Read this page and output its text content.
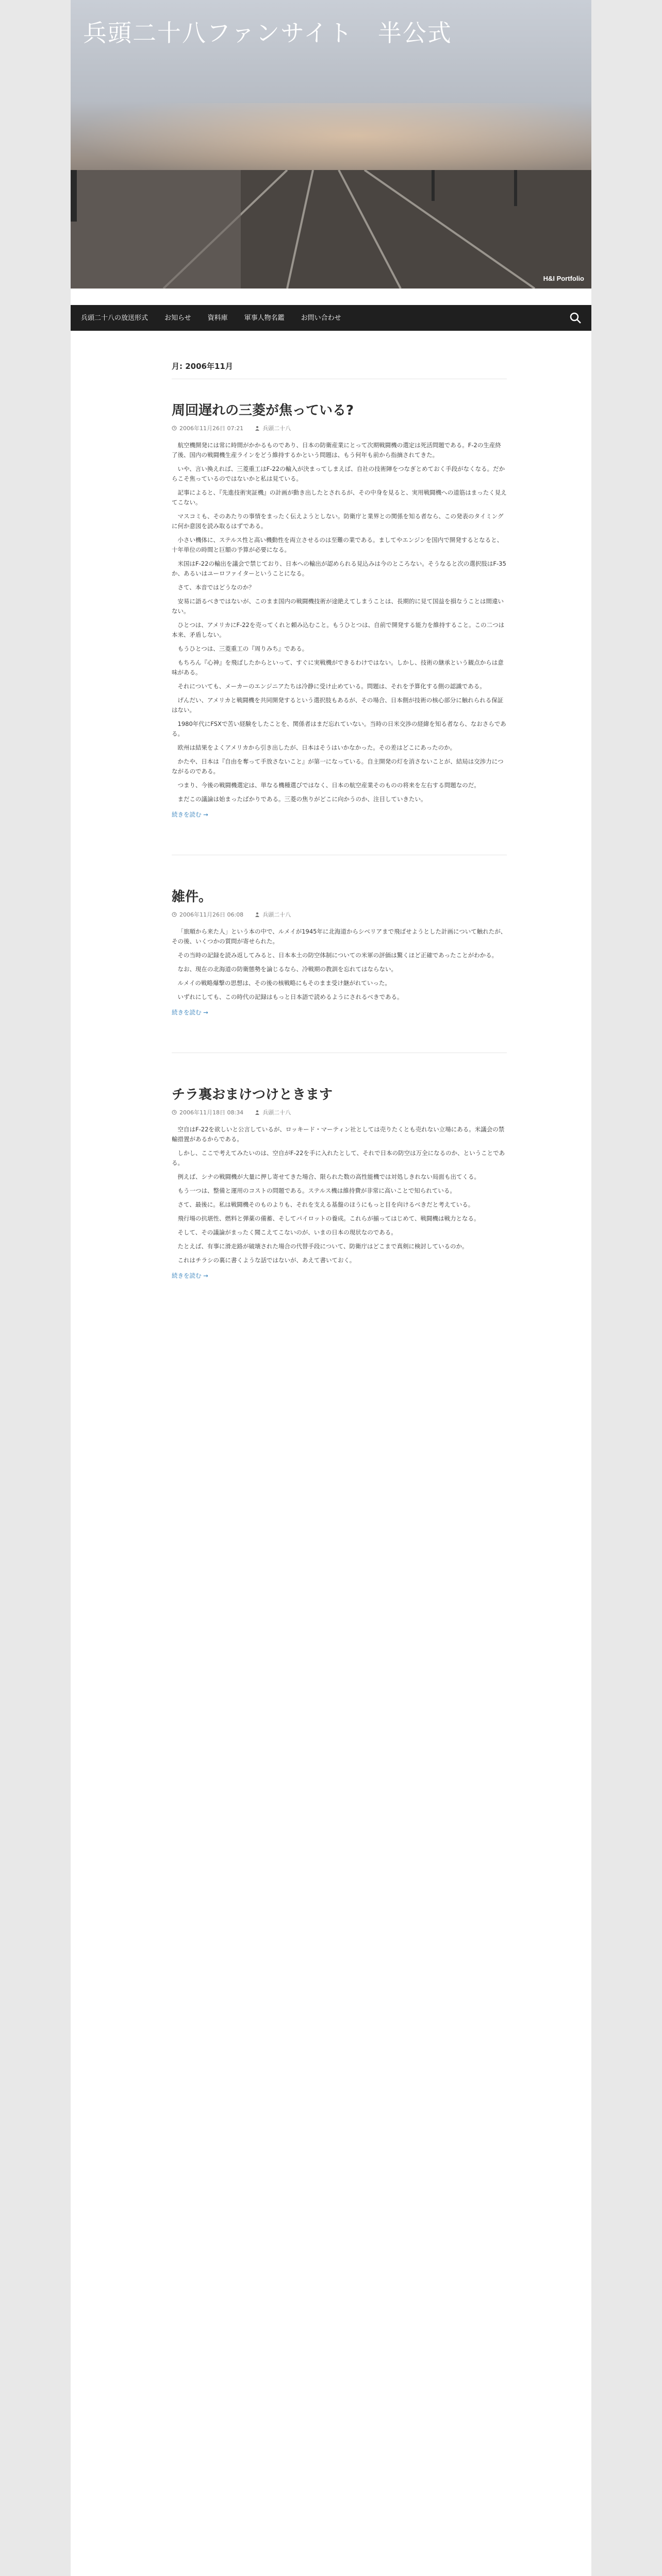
兵頭二十八ファンサイト　半公式
H&I Portfolio
兵頭二十八の放送形式	お知らせ	資料庫	軍事人物名鑑	お問い合わせ
月: 2006年11月
周回遅れの三菱が焦っている?
2006年11月26日 07:21	兵頭二十八

航空機開発には常に時間がかかるものであり、日本の防衛産業にとって次期戦闘機の選定は死活問題である。F-2の生産終了後、国内の戦闘機生産ラインをどう維持するかという問題は、もう何年も前から指摘されてきた。

いや、言い換えれば、三菱重工はF-22の輸入が決まってしまえば、自社の技術陣をつなぎとめておく手段がなくなる。だからこそ焦っているのではないかと私は見ている。

記事によると、『先進技術実証機』の計画が動き出したとされるが、その中身を見ると、実用戦闘機への道筋はまったく見えてこない。

マスコミも、そのあたりの事情をまったく伝えようとしない。防衛庁と業界との関係を知る者なら、この発表のタイミングに何か意図を読み取るはずである。

小さい機体に、ステルス性と高い機動性を両立させるのは至難の業である。ましてやエンジンを国内で開発するとなると、十年単位の時間と巨額の予算が必要になる。

米国はF-22の輸出を議会で禁じており、日本への輸出が認められる見込みは今のところない。そうなると次の選択肢はF-35か、あるいはユーロファイターということになる。

さて、本音ではどうなのか？

安易に語るべきではないが、このまま国内の戦闘機技術が途絶えてしまうことは、長期的に見て国益を損なうことは間違いない。

ひとつは、アメリカにF-22を売ってくれと頼み込むこと。もうひとつは、自前で開発する能力を維持すること。この二つは本来、矛盾しない。

もうひとつは、三菱重工の『周りみち』である。

もちろん『心神』を飛ばしたからといって、すぐに実戦機ができるわけではない。しかし、技術の継承という観点からは意味がある。

それについても、メーカーのエンジニアたちは冷静に受け止めている。問題は、それを予算化する側の認識である。

げんだい、アメリカと戦闘機を共同開発するという選択肢もあるが、その場合、日本側が技術の核心部分に触れられる保証はない。

1980年代にFSXで苦い経験をしたことを、関係者はまだ忘れていない。当時の日米交渉の経緯を知る者なら、なおさらである。

欧州は結果をよくアメリカから引き出したが、日本はそうはいかなかった。その差はどこにあったのか。

かたや、日本は『自由を奪って手放さないこと』が第一になっている。自主開発の灯を消さないことが、結局は交渉力につながるのである。

つまり、今後の戦闘機選定は、単なる機種選びではなく、日本の航空産業そのものの将来を左右する問題なのだ。

まだこの議論は始まったばかりである。三菱の焦りがどこに向かうのか、注目していきたい。

続きを読む →
雑件。
2006年11月26日 06:08	兵頭二十八

「旅順から来た人」という本の中で、ルメイが1945年に北海道からシベリアまで飛ばせようとした計画について触れたが、その後、いくつかの質問が寄せられた。

その当時の記録を読み返してみると、日本本土の防空体制についての米軍の評価は驚くほど正確であったことがわかる。

なお、現在の北海道の防衛態勢を論じるなら、冷戦期の教訓を忘れてはならない。

ルメイの戦略爆撃の思想は、その後の核戦略にもそのまま受け継がれていった。

いずれにしても、この時代の記録はもっと日本語で読めるようにされるべきである。

続きを読む →
チラ裏おまけつけときます
2006年11月18日 08:34	兵頭二十八

空自はF-22を欲しいと公言しているが、ロッキード・マーティン社としては売りたくとも売れない立場にある。米議会の禁輸措置があるからである。

しかし、ここで考えてみたいのは、空自がF-22を手に入れたとして、それで日本の防空は万全になるのか、ということである。

例えば、シナの戦闘機が大量に押し寄せてきた場合、限られた数の高性能機では対処しきれない局面も出てくる。

もう一つは、整備と運用のコストの問題である。ステルス機は維持費が非常に高いことで知られている。

さて、最後に。私は戦闘機そのものよりも、それを支える基盤のほうにもっと目を向けるべきだと考えている。

飛行場の抗堪性、燃料と弾薬の備蓄、そしてパイロットの養成。これらが揃ってはじめて、戦闘機は戦力となる。

そして、その議論がまったく聞こえてこないのが、いまの日本の現状なのである。

たとえば、有事に滑走路が破壊された場合の代替手段について、防衛庁はどこまで真剣に検討しているのか。

これはチラシの裏に書くような話ではないが、あえて書いておく。

続きを読む →
